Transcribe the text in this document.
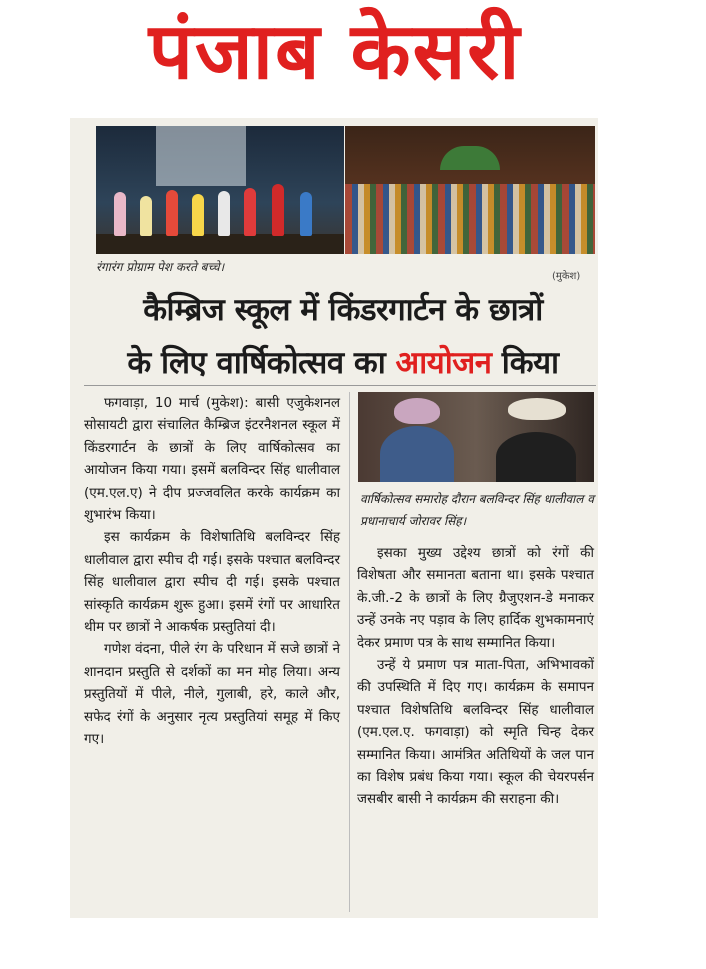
पंजाब केसरी
रंगारंग प्रोग्राम पेश करते बच्चे।
(मुकेश)
कैम्ब्रिज स्कूल में किंडरगार्टन के छात्रों
के लिए वार्षिकोत्सव का आयोजन किया

फगवाड़ा, 10 मार्च (मुकेश): बासी एजुकेशनल सोसायटी द्वारा संचालित कैम्ब्रिज इंटरनैशनल स्कूल में किंडरगार्टन के छात्रों के लिए वार्षिकोत्सव का आयोजन किया गया। इसमें बलविन्दर सिंह धालीवाल (एम.एल.ए) ने दीप प्रज्जवलित करके कार्यक्रम का शुभारंभ किया।

इस कार्यक्रम के विशेषातिथि बलविन्दर सिंह धालीवाल द्वारा स्पीच दी गई। इसके पश्चात बलविन्दर सिंह धालीवाल द्वारा स्पीच दी गई। इसके पश्चात सांस्कृति कार्यक्रम शुरू हुआ। इसमें रंगों पर आधारित थीम पर छात्रों ने आकर्षक प्रस्तुतियां दी।

गणेश वंदना, पीले रंग के परिधान में सजे छात्रों ने शानदान प्रस्तुति से दर्शकों का मन मोह लिया। अन्य प्रस्तुतियों में पीले, नीले, गुलाबी, हरे, काले और, सफेद रंगों के अनुसार नृत्य प्रस्तुतियां समूह में किए गए।

वार्षिकोत्सव समारोह दौरान बलविन्दर सिंह धालीवाल व प्रधानाचार्य जोरावर सिंह।

इसका मुख्य उद्देश्य छात्रों को रंगों की विशेषता और समानता बताना था। इसके पश्चात के.जी.-2 के छात्रों के लिए ग्रैजुएशन-डे मनाकर उन्हें उनके नए पड़ाव के लिए हार्दिक शुभकामनाएं देकर प्रमाण पत्र के साथ सम्मानित किया।

उन्हें ये प्रमाण पत्र माता-पिता, अभिभावकों की उपस्थिति में दिए गए। कार्यक्रम के समापन पश्चात विशेषतिथि बलविन्दर सिंह धालीवाल (एम.एल.ए. फगवाड़ा) को स्मृति चिन्ह देकर सम्मानित किया। आमंत्रित अतिथियों के जल पान का विशेष प्रबंध किया गया। स्कूल की चेयरपर्सन जसबीर बासी ने कार्यक्रम की सराहना की।
